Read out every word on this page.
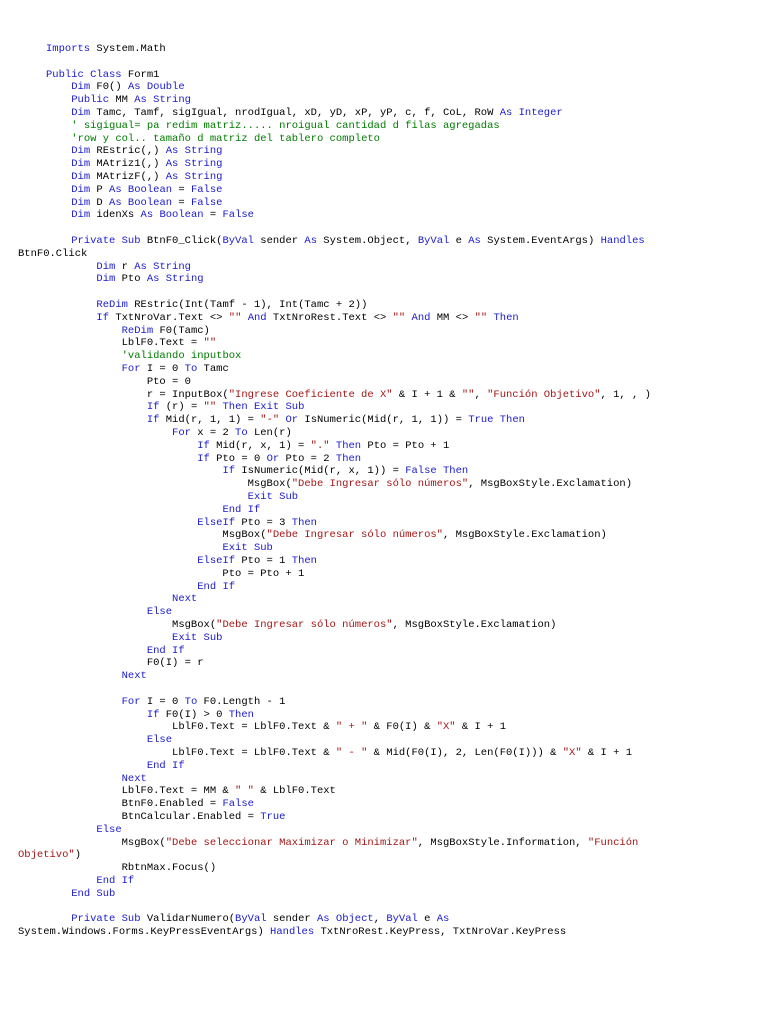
Imports System.Math
Public Class Form1
Dim F0() As Double
Public MM As String
Dim Tamc, Tamf, sigIgual, nrodIgual, xD, yD, xP, yP, c, f, CoL, RoW As Integer
' sigigual= pa redim matriz..... nroigual cantidad d filas agregadas
'row y col.. tamaño d matriz del tablero completo
Dim REstric(,) As String
Dim MAtriz1(,) As String
Dim MAtrizF(,) As String
Dim P As Boolean = False
Dim D As Boolean = False
Dim idenXs As Boolean = False
Private Sub BtnF0_Click(ByVal sender As System.Object, ByVal e As System.EventArgs) Handles
BtnF0.Click
Dim r As String
Dim Pto As String
ReDim REstric(Int(Tamf - 1), Int(Tamc + 2))
If TxtNroVar.Text <> "" And TxtNroRest.Text <> "" And MM <> "" Then
ReDim F0(Tamc)
LblF0.Text = ""
'validando inputbox
For I = 0 To Tamc
Pto = 0
r = InputBox("Ingrese Coeficiente de X" & I + 1 & "", "Función Objetivo", 1, , )
If (r) = "" Then Exit Sub
If Mid(r, 1, 1) = "-" Or IsNumeric(Mid(r, 1, 1)) = True Then
For x = 2 To Len(r)
If Mid(r, x, 1) = "." Then Pto = Pto + 1
If Pto = 0 Or Pto = 2 Then
If IsNumeric(Mid(r, x, 1)) = False Then
MsgBox("Debe Ingresar sólo números", MsgBoxStyle.Exclamation)
Exit Sub
End If
ElseIf Pto = 3 Then
MsgBox("Debe Ingresar sólo números", MsgBoxStyle.Exclamation)
Exit Sub
ElseIf Pto = 1 Then
Pto = Pto + 1
End If
Next
Else
MsgBox("Debe Ingresar sólo números", MsgBoxStyle.Exclamation)
Exit Sub
End If
F0(I) = r
Next
For I = 0 To F0.Length - 1
If F0(I) > 0 Then
LblF0.Text = LblF0.Text & " + " & F0(I) & "X" & I + 1
Else
LblF0.Text = LblF0.Text & " - " & Mid(F0(I), 2, Len(F0(I))) & "X" & I + 1
End If
Next
LblF0.Text = MM & " " & LblF0.Text
BtnF0.Enabled = False
BtnCalcular.Enabled = True
Else
MsgBox("Debe seleccionar Maximizar o Minimizar", MsgBoxStyle.Information, "Función
Objetivo")
RbtnMax.Focus()
End If
End Sub
Private Sub ValidarNumero(ByVal sender As Object, ByVal e As
System.Windows.Forms.KeyPressEventArgs) Handles TxtNroRest.KeyPress, TxtNroVar.KeyPress
